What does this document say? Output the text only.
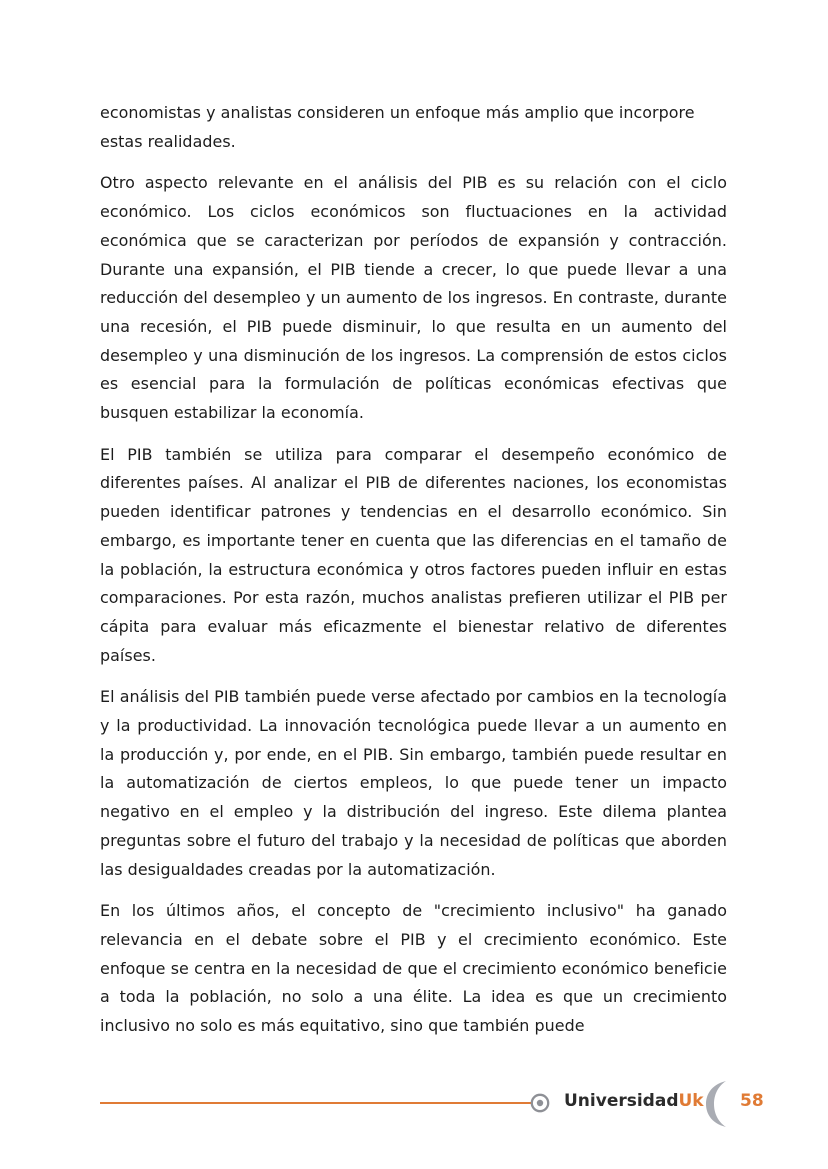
economistas y analistas consideren un enfoque más amplio que incorpore estas realidades.

Otro aspecto relevante en el análisis del PIB es su relación con el ciclo económico. Los ciclos económicos son fluctuaciones en la actividad económica que se caracterizan por períodos de expansión y contracción. Durante una expansión, el PIB tiende a crecer, lo que puede llevar a una reducción del desempleo y un aumento de los ingresos. En contraste, durante una recesión, el PIB puede disminuir, lo que resulta en un aumento del desempleo y una disminución de los ingresos. La comprensión de estos ciclos es esencial para la formulación de políticas económicas efectivas que busquen estabilizar la economía.

El PIB también se utiliza para comparar el desempeño económico de diferentes países. Al analizar el PIB de diferentes naciones, los economistas pueden identificar patrones y tendencias en el desarrollo económico. Sin embargo, es importante tener en cuenta que las diferencias en el tamaño de la población, la estructura económica y otros factores pueden influir en estas comparaciones. Por esta razón, muchos analistas prefieren utilizar el PIB per cápita para evaluar más eficazmente el bienestar relativo de diferentes países.

El análisis del PIB también puede verse afectado por cambios en la tecnología y la productividad. La innovación tecnológica puede llevar a un aumento en la producción y, por ende, en el PIB. Sin embargo, también puede resultar en la automatización de ciertos empleos, lo que puede tener un impacto negativo en el empleo y la distribución del ingreso. Este dilema plantea preguntas sobre el futuro del trabajo y la necesidad de políticas que aborden las desigualdades creadas por la automatización.

En los últimos años, el concepto de "crecimiento inclusivo" ha ganado relevancia en el debate sobre el PIB y el crecimiento económico. Este enfoque se centra en la necesidad de que el crecimiento económico beneficie a toda la población, no solo a una élite. La idea es que un crecimiento inclusivo no solo es más equitativo, sino que también puede

UniversidadUk 58
